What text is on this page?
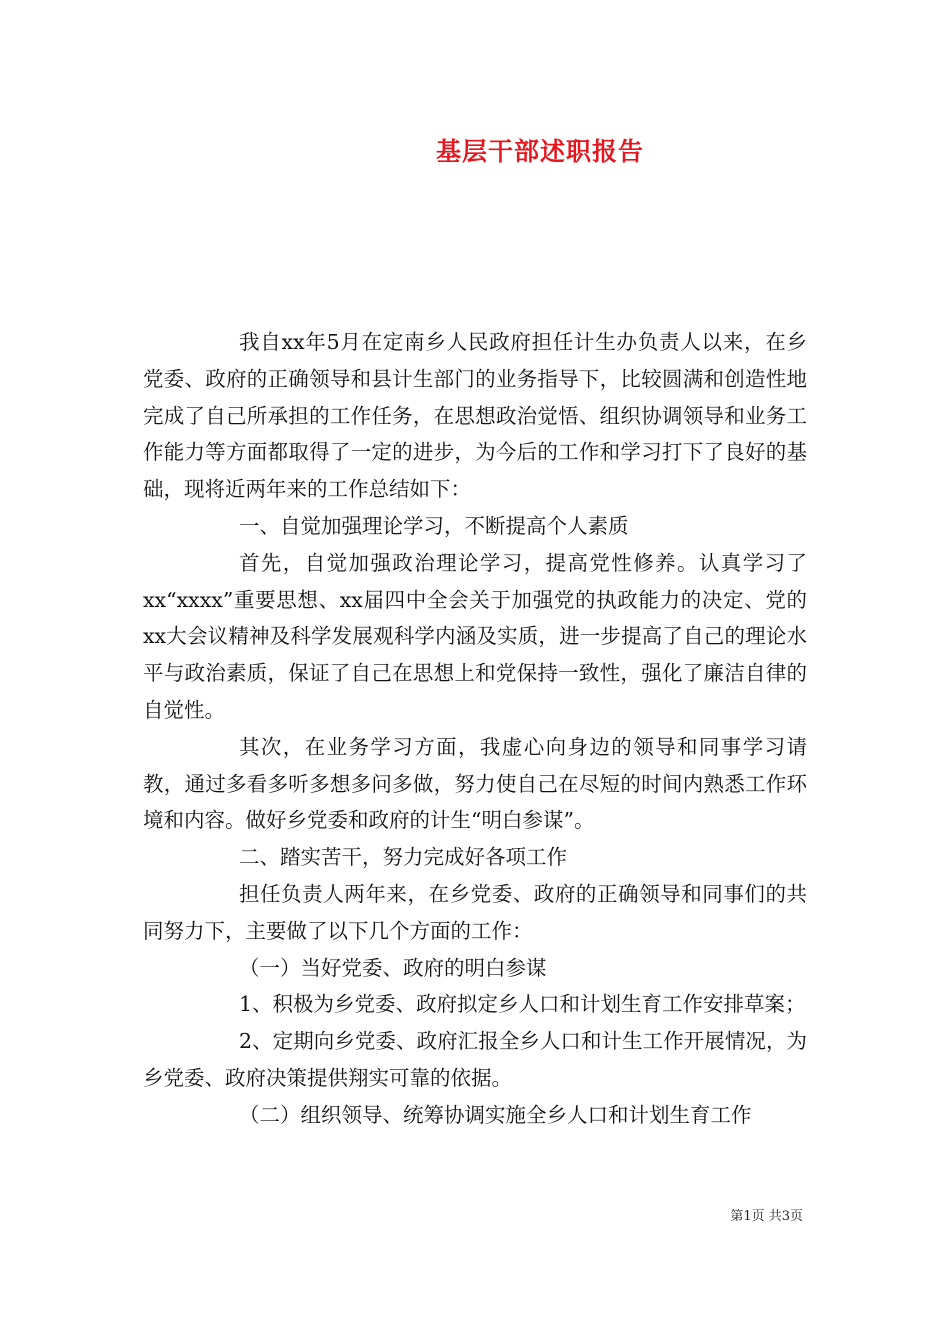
基层干部述职报告

我自xx年5月在定南乡人民政府担任计生办负责人以来，在乡党委、政府的正确领导和县计生部门的业务指导下，比较圆满和创造性地完成了自己所承担的工作任务，在思想政治觉悟、组织协调领导和业务工作能力等方面都取得了一定的进步，为今后的工作和学习打下了良好的基础，现将近两年来的工作总结如下：

一、自觉加强理论学习，不断提高个人素质

首先，自觉加强政治理论学习，提高党性修养。认真学习了xx“xxxx”重要思想、xx届四中全会关于加强党的执政能力的决定、党的xx大会议精神及科学发展观科学内涵及实质，进一步提高了自己的理论水平与政治素质，保证了自己在思想上和党保持一致性，强化了廉洁自律的自觉性。

其次，在业务学习方面，我虚心向身边的领导和同事学习请教，通过多看多听多想多问多做，努力使自己在尽短的时间内熟悉工作环境和内容。做好乡党委和政府的计生“明白参谋”。

二、踏实苦干，努力完成好各项工作

担任负责人两年来，在乡党委、政府的正确领导和同事们的共同努力下，主要做了以下几个方面的工作：

（一）当好党委、政府的明白参谋

1、积极为乡党委、政府拟定乡人口和计划生育工作安排草案；

2、定期向乡党委、政府汇报全乡人口和计生工作开展情况，为乡党委、政府决策提供翔实可靠的依据。

（二）组织领导、统筹协调实施全乡人口和计划生育工作

第1页 共3页
